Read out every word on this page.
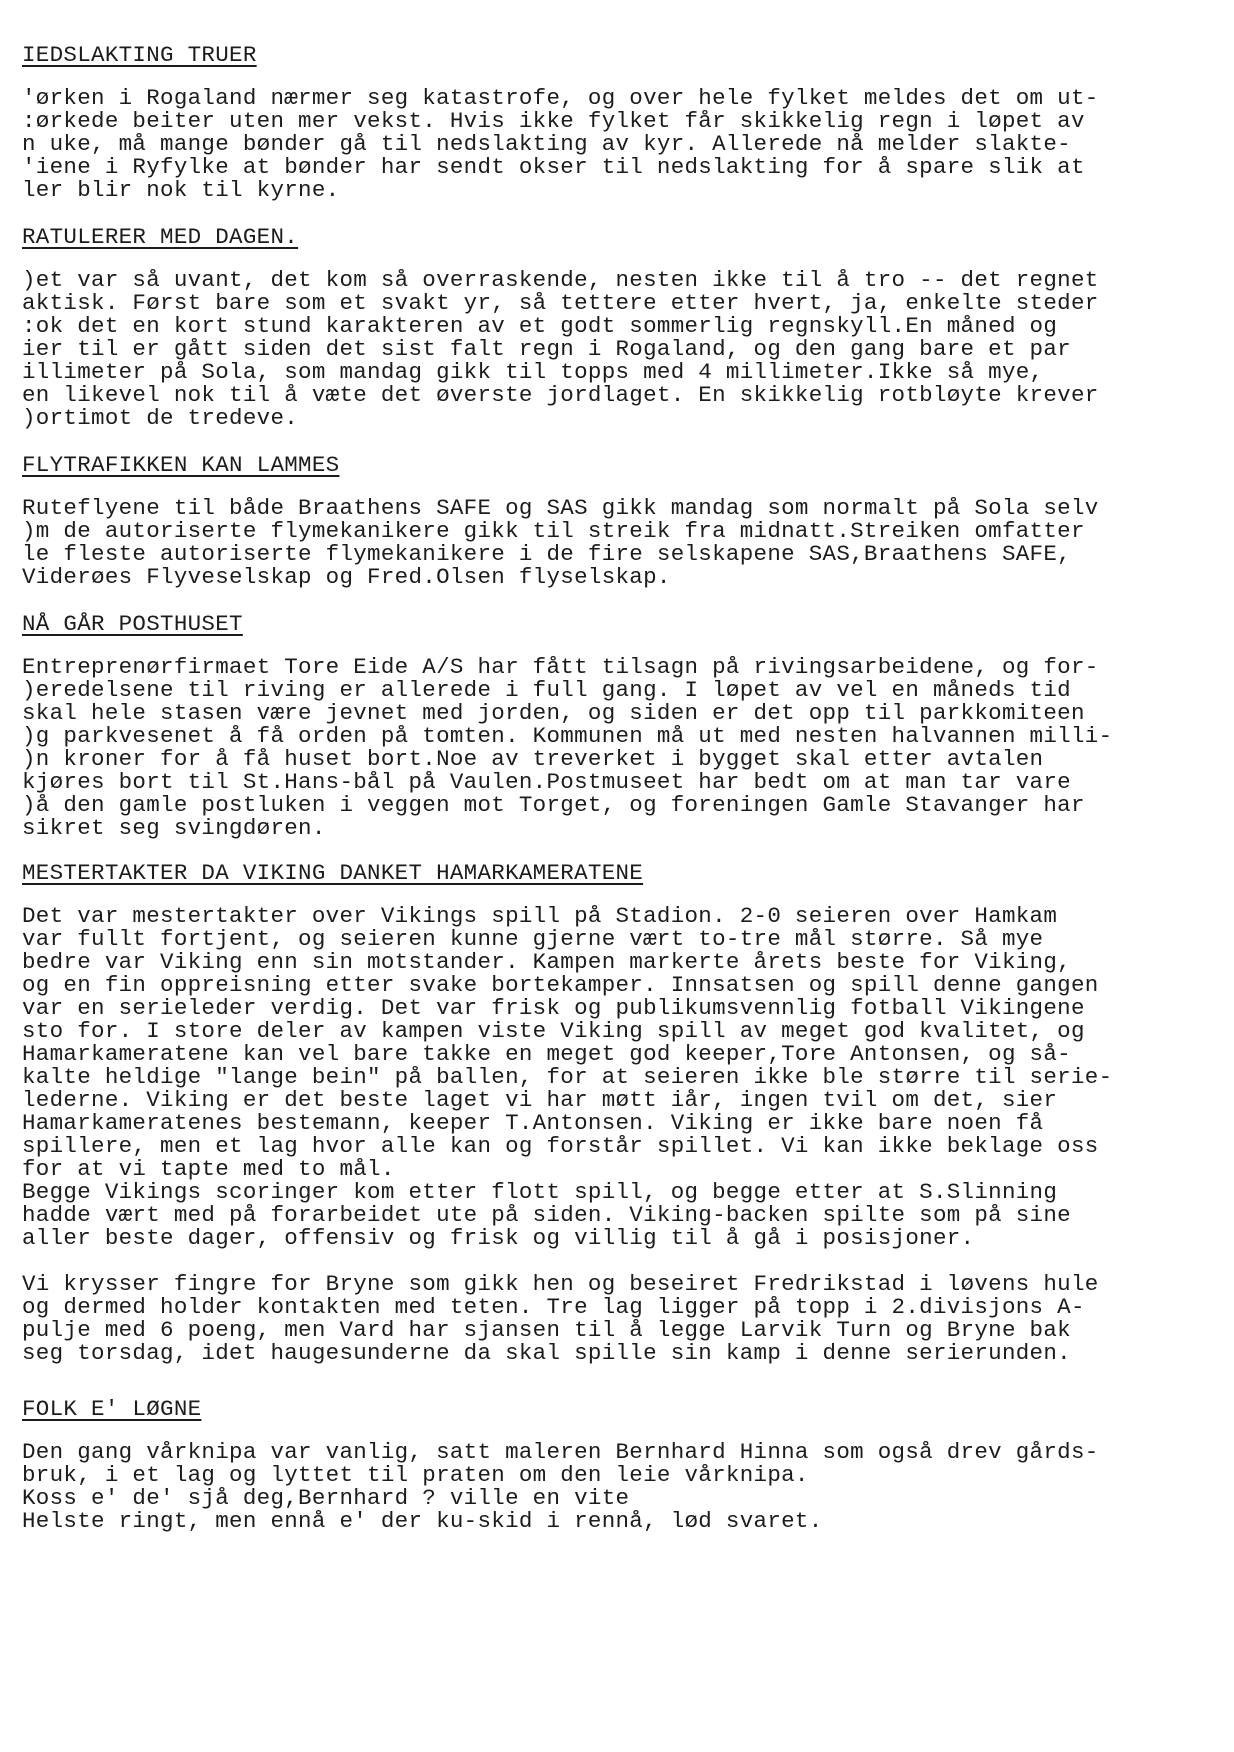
IEDSLAKTING TRUER
'ørken i Rogaland nærmer seg katastrofe, og over hele fylket meldes det om ut-
:ørkede beiter uten mer vekst. Hvis ikke fylket får skikkelig regn i løpet av
n uke, må mange bønder gå til nedslakting av kyr. Allerede nå melder slakte-
'iene i Ryfylke at bønder har sendt okser til nedslakting for å spare slik at
ler blir nok til kyrne.
RATULERER MED DAGEN.
)et var så uvant, det kom så overraskende, nesten ikke til å tro -- det regnet
aktisk. Først bare som et svakt yr, så tettere etter hvert, ja, enkelte steder
:ok det en kort stund karakteren av et godt sommerlig regnskyll.En måned og
ier til er gått siden det sist falt regn i Rogaland, og den gang bare et par
illimeter på Sola, som mandag gikk til topps med 4 millimeter.Ikke så mye,
en likevel nok til å væte det øverste jordlaget. En skikkelig rotbløyte krever
)ortimot de tredeve.
FLYTRAFIKKEN KAN LAMMES
Ruteflyene til både Braathens SAFE og SAS gikk mandag som normalt på Sola selv
)m de autoriserte flymekanikere gikk til streik fra midnatt.Streiken omfatter
le fleste autoriserte flymekanikere i de fire selskapene SAS,Braathens SAFE,
Viderøes Flyveselskap og Fred.Olsen flyselskap.
NÅ GÅR POSTHUSET
Entreprenørfirmaet Tore Eide A/S har fått tilsagn på rivingsarbeidene, og for-
)eredelsene til riving er allerede i full gang. I løpet av vel en måneds tid
skal hele stasen være jevnet med jorden, og siden er det opp til parkkomiteen
)g parkvesenet å få orden på tomten. Kommunen må ut med nesten halvannen milli-
)n kroner for å få huset bort.Noe av treverket i bygget skal etter avtalen
kjøres bort til St.Hans-bål på Vaulen.Postmuseet har bedt om at man tar vare
)å den gamle postluken i veggen mot Torget, og foreningen Gamle Stavanger har
sikret seg svingdøren.
MESTERTAKTER DA VIKING DANKET HAMARKAMERATENE
Det var mestertakter over Vikings spill på Stadion. 2-0 seieren over Hamkam
var fullt fortjent, og seieren kunne gjerne vært to-tre mål større. Så mye
bedre var Viking enn sin motstander. Kampen markerte årets beste for Viking,
og en fin oppreisning etter svake bortekamper. Innsatsen og spill denne gangen
var en serieleder verdig. Det var frisk og publikumsvennlig fotball Vikingene
sto for. I store deler av kampen viste Viking spill av meget god kvalitet, og
Hamarkameratene kan vel bare takke en meget god keeper,Tore Antonsen, og så-
kalte heldige "lange bein" på ballen, for at seieren ikke ble større til serie-
lederne. Viking er det beste laget vi har møtt iår, ingen tvil om det, sier
Hamarkameratenes bestemann, keeper T.Antonsen. Viking er ikke bare noen få
spillere, men et lag hvor alle kan og forstår spillet. Vi kan ikke beklage oss
for at vi tapte med to mål.
Begge Vikings scoringer kom etter flott spill, og begge etter at S.Slinning
hadde vært med på forarbeidet ute på siden. Viking-backen spilte som på sine
aller beste dager, offensiv og frisk og villig til å gå i posisjoner.
Vi krysser fingre for Bryne som gikk hen og beseiret Fredrikstad i løvens hule
og dermed holder kontakten med teten. Tre lag ligger på topp i 2.divisjons A-
pulje med 6 poeng, men Vard har sjansen til å legge Larvik Turn og Bryne bak
seg torsdag, idet haugesunderne da skal spille sin kamp i denne serierunden.
FOLK E' LØGNE
Den gang vårknipa var vanlig, satt maleren Bernhard Hinna som også drev gårds-
bruk, i et lag og lyttet til praten om den leie vårknipa.
Koss e' de' sjå deg,Bernhard ? ville en vite
Helste ringt, men ennå e' der ku-skid i rennå, lød svaret.
